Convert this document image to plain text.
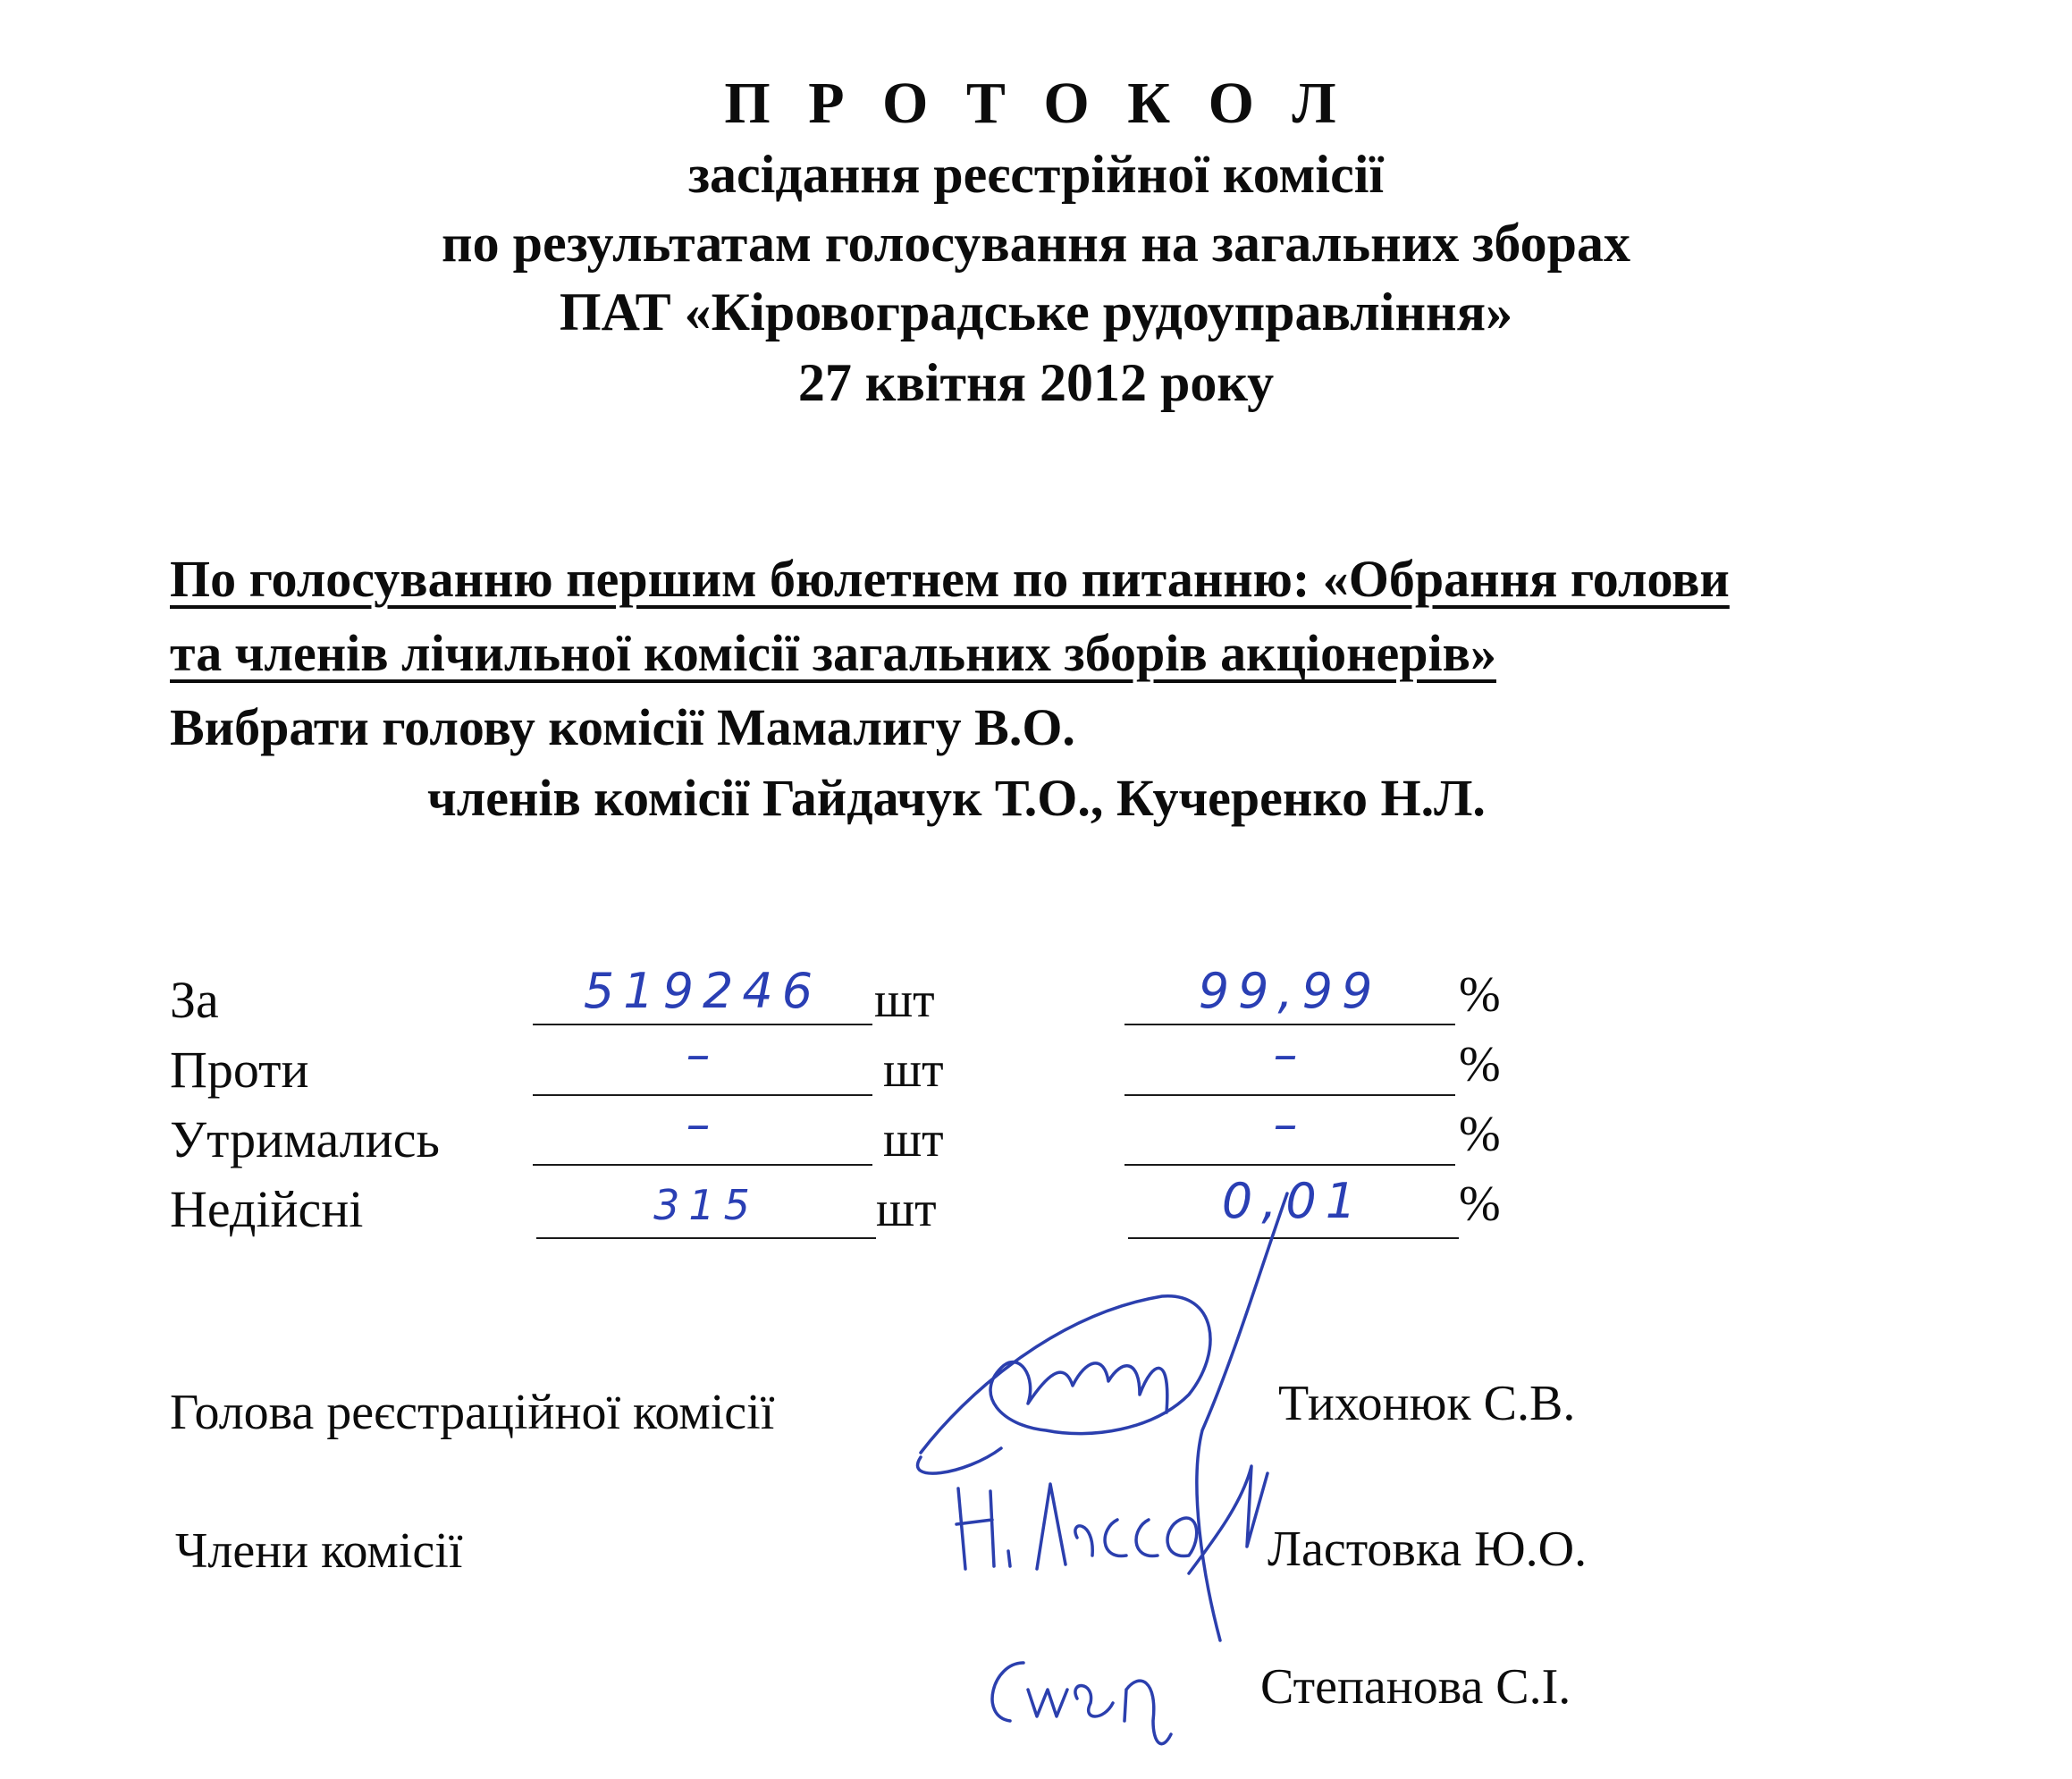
П Р О Т О К О Л
засідання реєстрійної комісії
по результатам голосування на загальних зборах
ПАТ «Кіровоградське рудоуправління»
27 квітня 2012 року
По голосуванню першим бюлетнем по питанню: «Обрання голови
та членів лічильної комісії загальних зборів акціонерів»
Вибрати голову комісії Мамалигу В.О.
членів комісії Гайдачук Т.О., Кучеренко Н.Л.
За	519246	шт	99,99	%
Проти	–	шт	–	%
Утримались	–	шт	–	%
Недійсні	315	шт	0,01	%
Голова реєстраційної комісії	Тихонюк С.В.
Члени комісії	Ластовка Ю.О.
Степанова С.І.
